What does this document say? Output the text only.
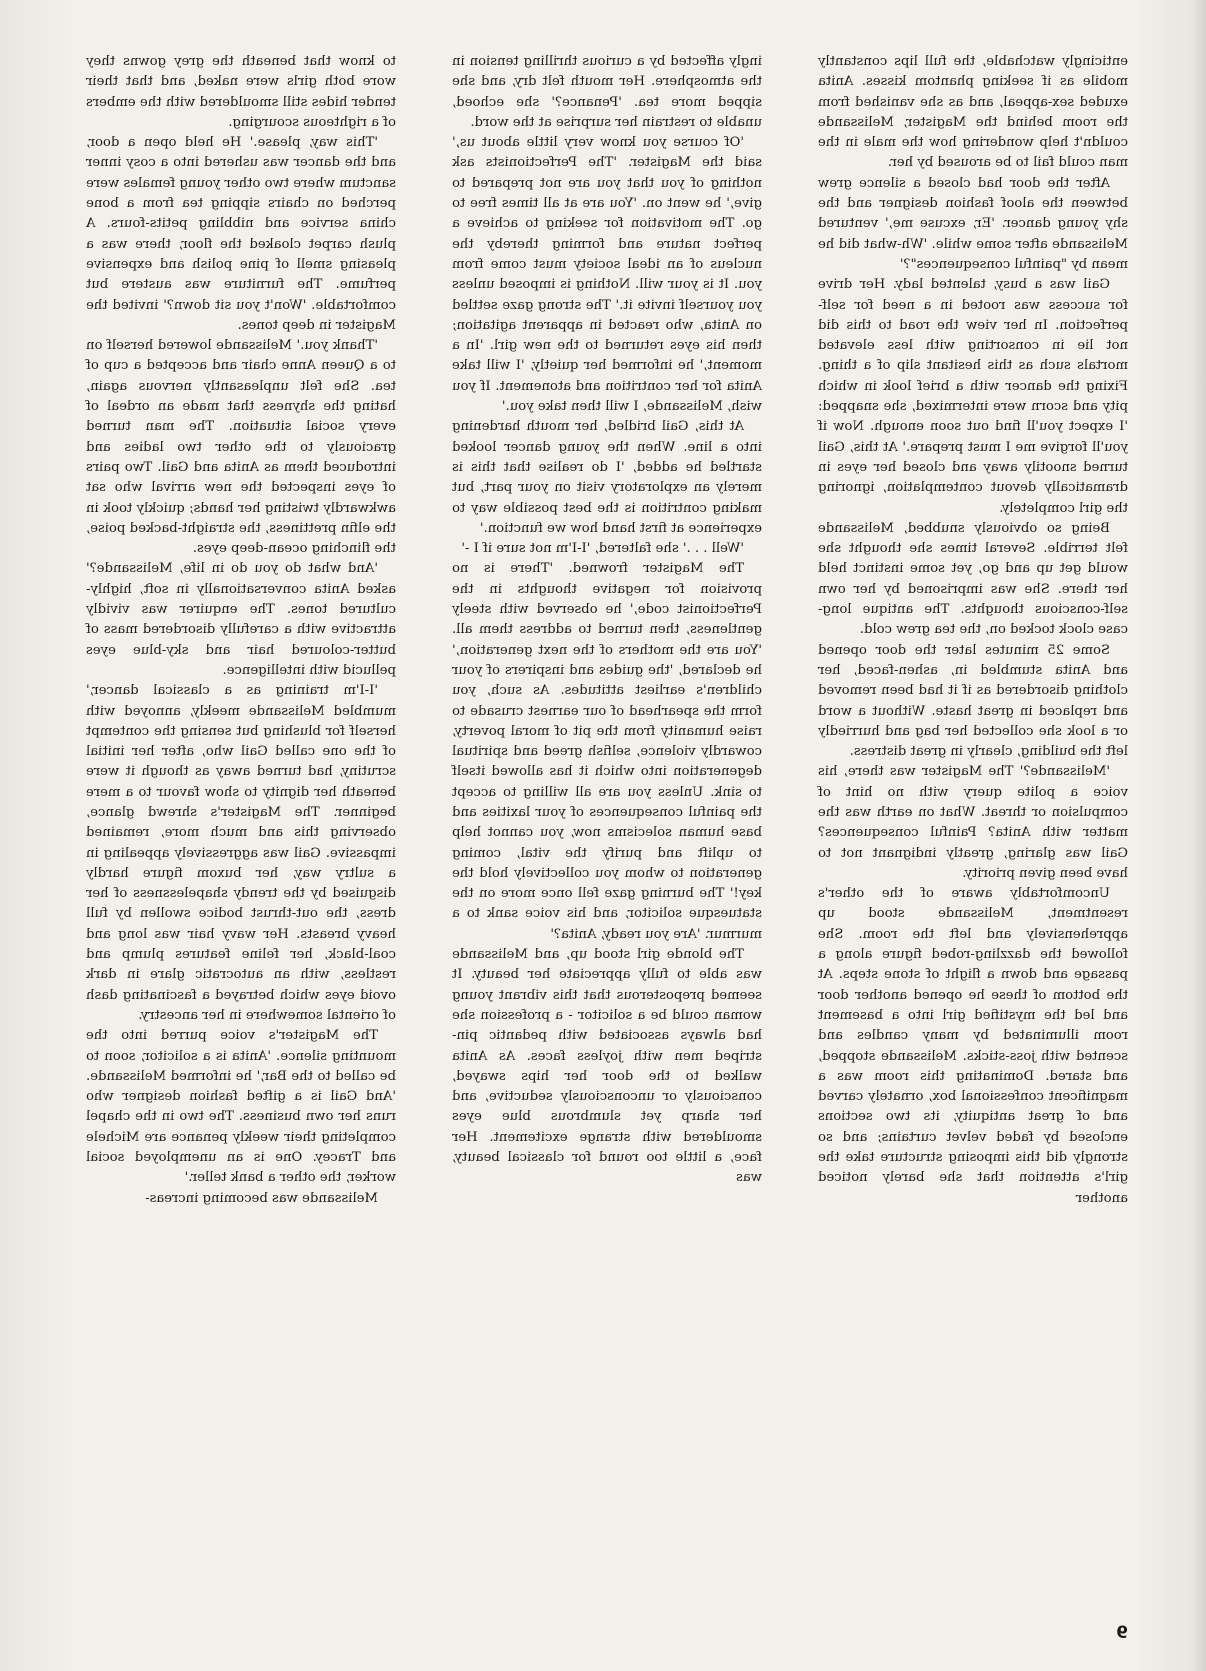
to know that beneath the grey gowns they wore both girls were naked, and that their tender hides still smouldered with the embers of a righteous scourging.

'This way, please.' He held open a door, and the dancer was ushered into a cosy inner sanctum where two other young females were perched on chairs sipping tea from a bone china service and nibbling petits-fours. A plush carpet cloaked the floor, there was a pleasing smell of pine polish and expensive perfume. The furniture was austere but comfortable. 'Won't you sit down?' invited the Magister in deep tones.

'Thank you.' Melissande lowered herself on to a Queen Anne chair and accepted a cup of tea. She felt unpleasantly nervous again, hating the shyness that made an ordeal of every social situation. The man turned graciously to the other two ladies and introduced them as Anita and Gail. Two pairs of eyes inspected the new arrival who sat awkwardly twisting her hands; quickly took in the elfin prettiness, the straight-backed poise, the flinching ocean-deep eyes.

'And what do you do in life, Melissande?' asked Anita conversationally in soft, highly-cultured tones. The enquirer was vividly attractive with a carefully disordered mass of butter-coloured hair and sky-blue eyes pellucid with intelligence.

'I-I'm training as a classical dancer,' mumbled Melissande meekly, annoyed with herself for blushing but sensing the contempt of the one called Gail who, after her initial scrutiny, had turned away as though it were beneath her dignity to show favour to a mere beginner. The Magister's shrewd glance, observing this and much more, remained impassive. Gail was aggressively appealing in a sultry way, her buxom figure hardly disguised by the trendy shapelessness of her dress, the out-thrust bodice swollen by full heavy breasts. Her wavy hair was long and coal-black, her feline features plump and restless, with an autocratic glare in dark ovoid eyes which betrayed a fascinating dash of oriental somewhere in her ancestry.

The Magister's voice purred into the mounting silence. 'Anita is a solicitor, soon to be called to the Bar,' he informed Melissande. 'And Gail is a gifted fashion designer who runs her own business. The two in the chapel completing their weekly penance are Michele and Tracey. One is an unemployed social worker, the other a bank teller.'

Melissande was becoming increas-

ingly affected by a curious thrilling tension in the atmosphere. Her mouth felt dry, and she sipped more tea. 'Penance?' she echoed, unable to restrain her surprise at the word.

'Of course you know very little about us,' said the Magister. 'The Perfectionists ask nothing of you that you are not prepared to give,' he went on. 'You are at all times free to go. The motivation for seeking to achieve a perfect nature and forming thereby the nucleus of an ideal society must come from you. It is your will. Nothing is imposed unless you yourself invite it.' The strong gaze settled on Anita, who reacted in apparent agitation; then his eyes returned to the new girl. 'In a moment,' he informed her quietly, 'I will take Anita for her contrition and atonement. If you wish, Melissande, I will then take you.'

At this, Gail bridled, her mouth hardening into a line. When the young dancer looked startled he added, 'I do realise that this is merely an exploratory visit on your part, but making contrition is the best possible way to experience at first hand how we function.'

'Well . . .' she faltered, 'I-I'm not sure if I -'

The Magister frowned. 'There is no provision for negative thoughts in the Perfectionist code,' he observed with steely gentleness, then turned to address them all. 'You are the mothers of the next generation,' he declared, 'the guides and inspirers of your children's earliest attitudes. As such, you form the spearhead of our earnest crusade to raise humanity from the pit of moral poverty, cowardly violence, selfish greed and spiritual degeneration into which it has allowed itself to sink. Unless you are all willing to accept the painful consequences of your laxities and base human solecisms now, you cannot help to uplift and purify the vital, coming generation to whom you collectively hold the key!' The burning gaze fell once more on the statuesque solicitor, and his voice sank to a murmur. 'Are you ready, Anita?'

The blonde girl stood up, and Melissande was able to fully appreciate her beauty. It seemed preposterous that this vibrant young woman could be a solicitor - a profession she had always associated with pedantic pin-striped men with joyless faces. As Anita walked to the door her hips swayed, consciously or unconsciously seductive, and her sharp yet slumbrous blue eyes smouldered with strange excitement. Her face, a little too round for classical beauty, was

enticingly watchable, the full lips constantly mobile as if seeking phantom kisses. Anita exuded sex-appeal, and as she vanished from the room behind the Magister, Melissande couldn't help wondering how the male in the man could fail to be aroused by her.

After the door had closed a silence grew between the aloof fashion designer and the shy young dancer. 'Er, excuse me,' ventured Melissande after some while. 'Wh-what did he mean by "painful consequences"?'

Gail was a busy, talented lady. Her drive for success was rooted in a need for self-perfection. In her view the road to this did not lie in consorting with less elevated mortals such as this hesitant slip of a thing. Fixing the dancer with a brief look in which pity and scorn were intermixed, she snapped: 'I expect you'll find out soon enough. Now if you'll forgive me I must prepare.' At this, Gail turned snootily away and closed her eyes in dramatically devout contemplation, ignoring the girl completely.

Being so obviously snubbed, Melissande felt terrible. Several times she thought she would get up and go, yet some instinct held her there. She was imprisoned by her own self-conscious thoughts. The antique long-case clock tocked on, the tea grew cold.

Some 25 minutes later the door opened and Anita stumbled in, ashen-faced, her clothing disordered as if it had been removed and replaced in great haste. Without a word or a look she collected her bag and hurriedly left the building, clearly in great distress.

'Melissande?' The Magister was there, his voice a polite query with no hint of compulsion or threat. What on earth was the matter with Anita? Painful consequences? Gail was glaring, greatly indignant not to have been given priority.

Uncomfortably aware of the other's resentment, Melissande stood up apprehensively and left the room. She followed the dazzling-robed figure along a passage and down a flight of stone steps. At the bottom of these he opened another door and led the mystified girl into a basement room illuminated by many candles and scented with joss-sticks. Melissande stopped, and stared. Dominating this room was a magnificent confessional box, ornately carved and of great antiquity, its two sections enclosed by faded velvet curtains; and so strongly did this imposing structure take the girl's attention that she barely noticed another

9
